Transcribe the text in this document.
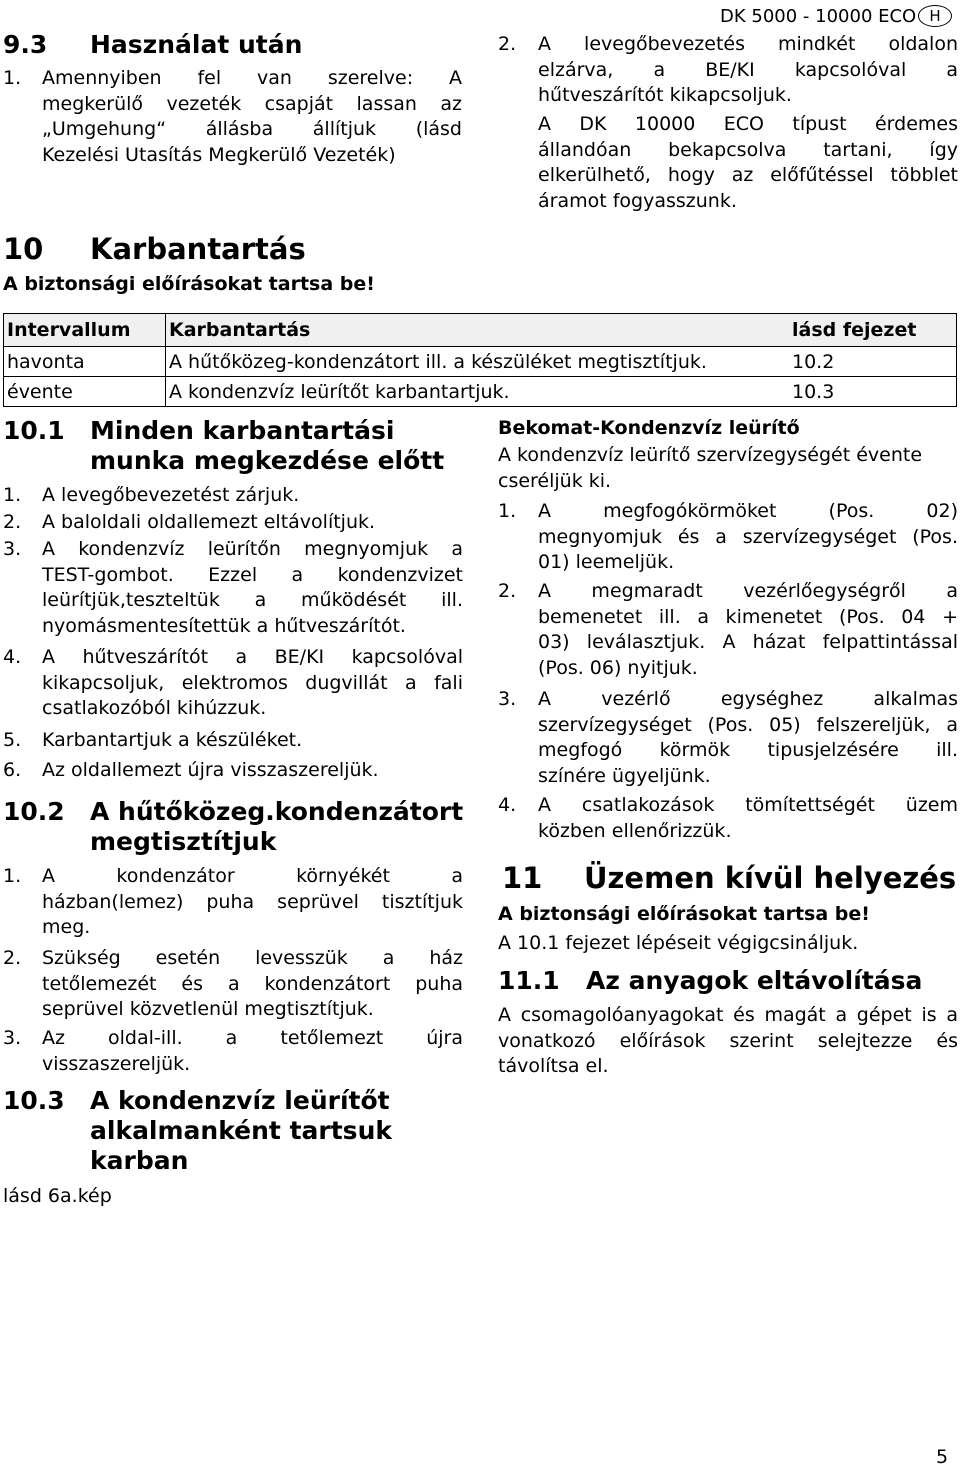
DK 5000 - 10000 ECO H
9.3 Használat után
1. Amennyiben fel van szerelve: A
megkerülő vezeték csapját lassan az
„Umgehung“ állásba állítjuk (lásd
Kezelési Utasítás Megkerülő Vezeték)
2. A levegőbevezetés mindkét oldalon
elzárva, a BE/KI kapcsolóval a
hűtveszárítót kikapcsoljuk.
A DK 10000 ECO típust érdemes
állandóan bekapcsolva tartani, így
elkerülhető, hogy az előfűtéssel többlet
áramot fogyasszunk.
10 Karbantartás
A biztonsági előírásokat tartsa be!
Intervallum	Karbantartás	lásd fejezet
havonta	A hűtőközeg-kondenzátort ill. a készüléket megtisztítjuk.	10.2
évente	A kondenzvíz leürítőt karbantartjuk.	10.3
10.1 Minden karbantartási
munka megkezdése előtt
1. A levegőbevezetést zárjuk.
2. A baloldali oldallemezt eltávolítjuk.
3. A kondenzvíz leürítőn megnyomjuk a
TEST-gombot. Ezzel a kondenzvizet
leürítjük,teszteltük a működését ill.
nyomásmentesítettük a hűtveszárítót.
4. A hűtveszárítót a BE/KI kapcsolóval
kikapcsoljuk, elektromos dugvillát a fali
csatlakozóból kihúzzuk.
5. Karbantartjuk a készüléket.
6. Az oldallemezt újra visszaszereljük.
10.2 A hűtőközeg.kondenzátort
megtisztítjuk
1. A kondenzátor környékét a
házban(lemez) puha seprüvel tisztítjuk
meg.
2. Szükség esetén levesszük a ház
tetőlemezét és a kondenzátort puha
seprüvel közvetlenül megtisztítjuk.
3. Az oldal-ill. a tetőlemezt újra
visszaszereljük.
10.3 A kondenzvíz leürítőt
alkalmanként tartsuk
karban
lásd 6a.kép
Bekomat-Kondenzvíz leürítő
A kondenzvíz leürítő szervízegységét évente
cseréljük ki.
1. A megfogókörmöket (Pos. 02)
megnyomjuk és a szervízegységet (Pos.
01) leemeljük.
2. A megmaradt vezérlőegységről a
bemenetet ill. a kimenetet (Pos. 04 +
03) leválasztjuk. A házat felpattintással
(Pos. 06) nyitjuk.
3. A vezérlő egységhez alkalmas
szervízegységet (Pos. 05) felszereljük, a
megfogó körmök tipusjelzésére ill.
színére ügyeljünk.
4. A csatlakozások tömítettségét üzem
közben ellenőrizzük.
11 Üzemen kívül helyezés
A biztonsági előírásokat tartsa be!
A 10.1 fejezet lépéseit végigcsináljuk.
11.1 Az anyagok eltávolítása
A csomagolóanyagokat és magát a gépet is a
vonatkozó előírások szerint selejtezze és
távolítsa el.
5
